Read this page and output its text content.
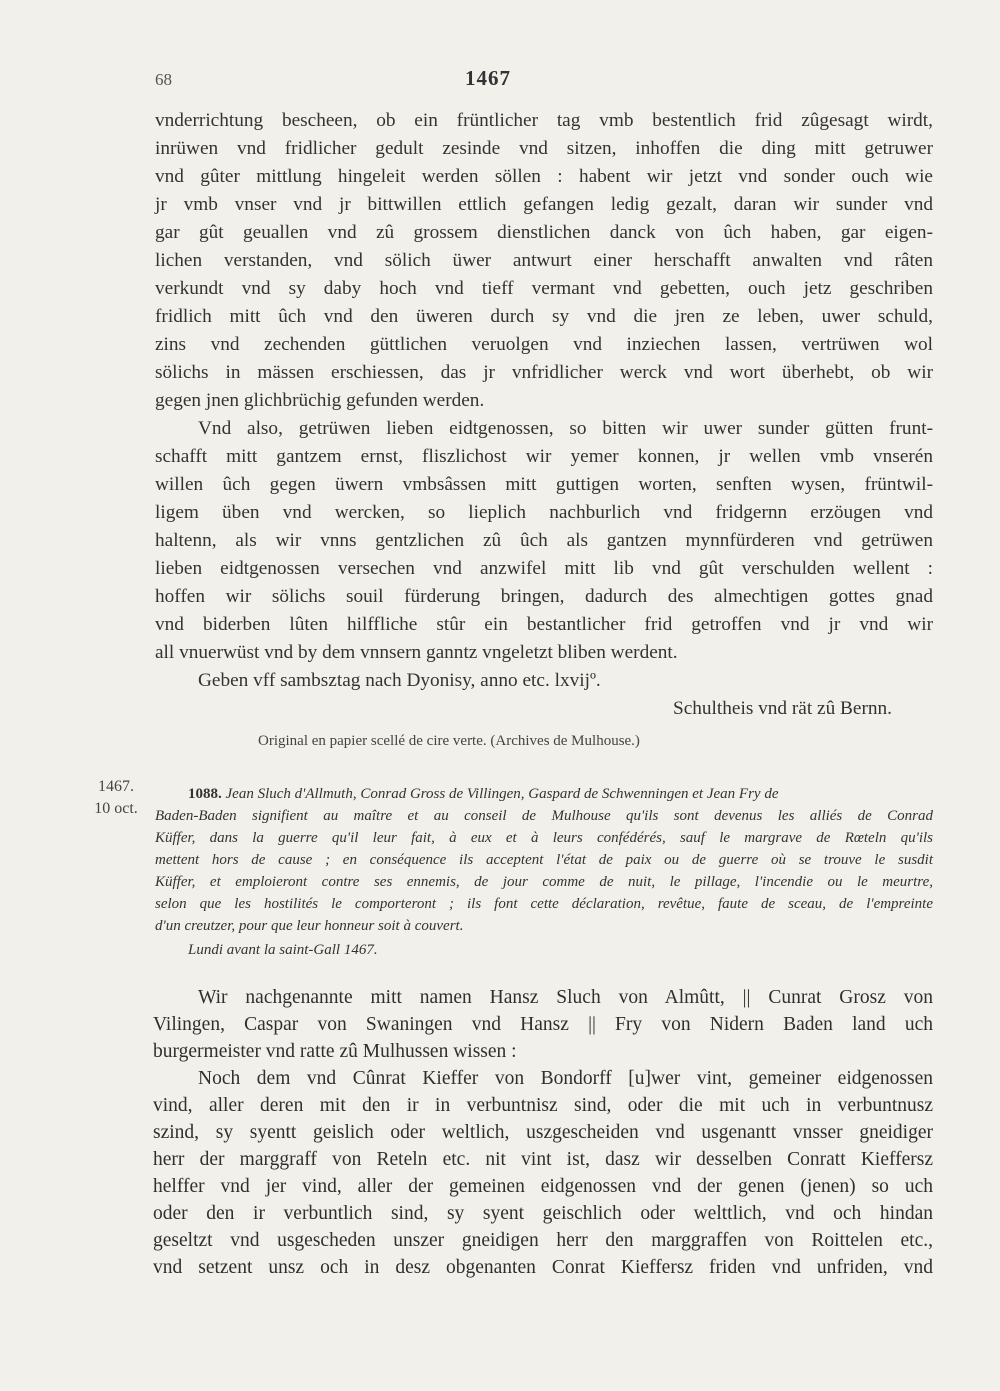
68	1467
vnderrichtung bescheen, ob ein früntlicher tag vmb bestentlich frid zûgesagt wirdt,
inrüwen vnd fridlicher gedult zesinde vnd sitzen, inhoffen die ding mitt getruwer
vnd gûter mittlung hingeleit werden söllen : habent wir jetzt vnd sonder ouch wie
jr vmb vnser vnd jr bittwillen ettlich gefangen ledig gezalt, daran wir sunder vnd
gar gût geuallen vnd zû grossem dienstlichen danck von ûch haben, gar eigen-
lichen verstanden, vnd sölich üwer antwurt einer herschafft anwalten vnd râten
verkundt vnd sy daby hoch vnd tieff vermant vnd gebetten, ouch jetz geschriben
fridlich mitt ûch vnd den üweren durch sy vnd die jren ze leben, uwer schuld,
zins vnd zechenden güttlichen veruolgen vnd inziechen lassen, vertrüwen wol
sölichs in mässen erschiessen, das jr vnfridlicher werck vnd wort überhebt, ob wir
gegen jnen glichbrüchig gefunden werden.
Vnd also, getrüwen lieben eidtgenossen, so bitten wir uwer sunder gütten frunt-
schafft mitt gantzem ernst, fliszlichost wir yemer konnen, jr wellen vmb vnserén
willen ûch gegen üwern vmbsâssen mitt guttigen worten, senften wysen, früntwil-
ligem üben vnd wercken, so lieplich nachburlich vnd fridgernn erzöugen vnd
haltenn, als wir vnns gentzlichen zû ûch als gantzen mynnfürderen vnd getrüwen
lieben eidtgenossen versechen vnd anzwifel mitt lib vnd gût verschulden wellent :
hoffen wir sölichs souil fürderung bringen, dadurch des almechtigen gottes gnad
vnd biderben lûten hilffliche stûr ein bestantlicher frid getroffen vnd jr vnd wir
all vnuerwüst vnd by dem vnnsern ganntz vngeletzt bliben werdent.
Geben vff sambsztag nach Dyonisy, anno etc. lxvijº.
Schultheis vnd rät zû Bernn.
Original en papier scellé de cire verte. (Archives de Mulhouse.)
1467.
10 oct.
1088. Jean Sluch d'Allmuth, Conrad Gross de Villingen, Gaspard de Schwenningen et Jean Fry de
Baden-Baden signifient au maître et au conseil de Mulhouse qu'ils sont devenus les alliés de Conrad
Küffer, dans la guerre qu'il leur fait, à eux et à leurs confédérés, sauf le margrave de Rœteln qu'ils
mettent hors de cause ; en conséquence ils acceptent l'état de paix ou de guerre où se trouve le susdit
Küffer, et emploieront contre ses ennemis, de jour comme de nuit, le pillage, l'incendie ou le meurtre,
selon que les hostilités le comporteront ; ils font cette déclaration, revêtue, faute de sceau, de l'empreinte
d'un creutzer, pour que leur honneur soit à couvert.
Lundi avant la saint-Gall 1467.
Wir nachgenannte mitt namen Hansz Sluch von Almûtt, || Cunrat Grosz von
Vilingen, Caspar von Swaningen vnd Hansz || Fry von Nidern Baden land uch
burgermeister vnd ratte zû Mulhussen wissen :
Noch dem vnd Cûnrat Kieffer von Bondorff [u]wer vint, gemeiner eidgenossen
vind, aller deren mit den ir in verbuntnisz sind, oder die mit uch in verbuntnusz
szind, sy syentt geislich oder weltlich, uszgescheiden vnd usgenantt vnsser gneidiger
herr der marggraff von Reteln etc. nit vint ist, dasz wir desselben Conratt Kieffersz
helffer vnd jer vind, aller der gemeinen eidgenossen vnd der genen (jenen) so uch
oder den ir verbuntlich sind, sy syent geischlich oder welttlich, vnd och hindan
geseltzt vnd usgescheden unszer gneidigen herr den marggraffen von Roittelen etc.,
vnd setzent unsz och in desz obgenanten Conrat Kieffersz friden vnd unfriden, vnd
